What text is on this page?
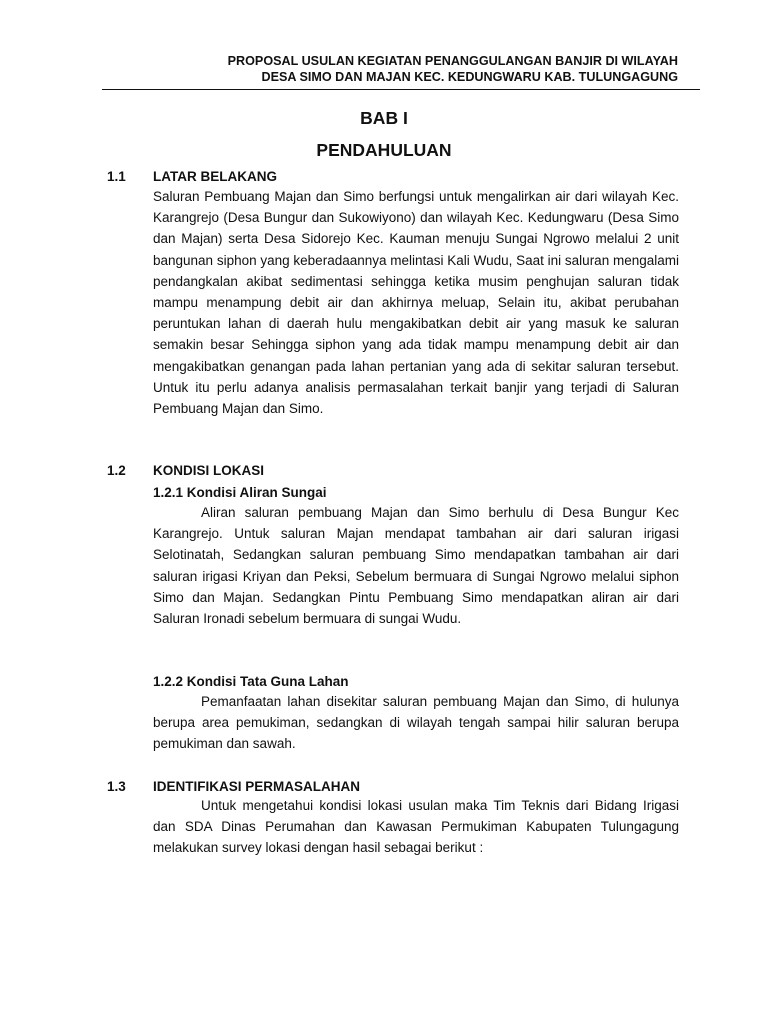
PROPOSAL USULAN KEGIATAN PENANGGULANGAN BANJIR DI WILAYAH
DESA SIMO DAN MAJAN KEC. KEDUNGWARU KAB. TULUNGAGUNG
BAB I
PENDAHULUAN
1.1 LATAR BELAKANG
Saluran Pembuang Majan dan Simo berfungsi untuk mengalirkan air dari wilayah Kec. Karangrejo (Desa Bungur dan Sukowiyono) dan wilayah Kec. Kedungwaru (Desa Simo dan Majan) serta Desa Sidorejo Kec. Kauman menuju Sungai Ngrowo melalui 2 unit bangunan siphon yang keberadaannya melintasi Kali Wudu, Saat ini saluran mengalami pendangkalan akibat sedimentasi sehingga ketika musim penghujan saluran tidak mampu menampung debit air dan akhirnya meluap, Selain itu, akibat perubahan peruntukan lahan di daerah hulu mengakibatkan debit air yang masuk ke saluran semakin besar Sehingga siphon yang ada tidak mampu menampung debit air dan mengakibatkan genangan pada lahan pertanian yang ada di sekitar saluran tersebut. Untuk itu perlu adanya analisis permasalahan terkait banjir yang terjadi di Saluran Pembuang Majan dan Simo.
1.2 KONDISI LOKASI
1.2.1 Kondisi Aliran Sungai
Aliran saluran pembuang Majan dan Simo berhulu di Desa Bungur Kec Karangrejo. Untuk saluran Majan mendapat tambahan air dari saluran irigasi Selotinatah, Sedangkan saluran pembuang Simo mendapatkan tambahan air dari saluran irigasi Kriyan dan Peksi, Sebelum bermuara di Sungai Ngrowo melalui siphon Simo dan Majan. Sedangkan Pintu Pembuang Simo mendapatkan aliran air dari Saluran Ironadi sebelum bermuara di sungai Wudu.
1.2.2 Kondisi Tata Guna Lahan
Pemanfaatan lahan disekitar saluran pembuang Majan dan Simo, di hulunya berupa area pemukiman, sedangkan di wilayah tengah sampai hilir saluran berupa pemukiman dan sawah.
1.3 IDENTIFIKASI PERMASALAHAN
Untuk mengetahui kondisi lokasi usulan maka Tim Teknis dari Bidang Irigasi dan SDA Dinas Perumahan dan Kawasan Permukiman Kabupaten Tulungagung melakukan survey lokasi dengan hasil sebagai berikut :
